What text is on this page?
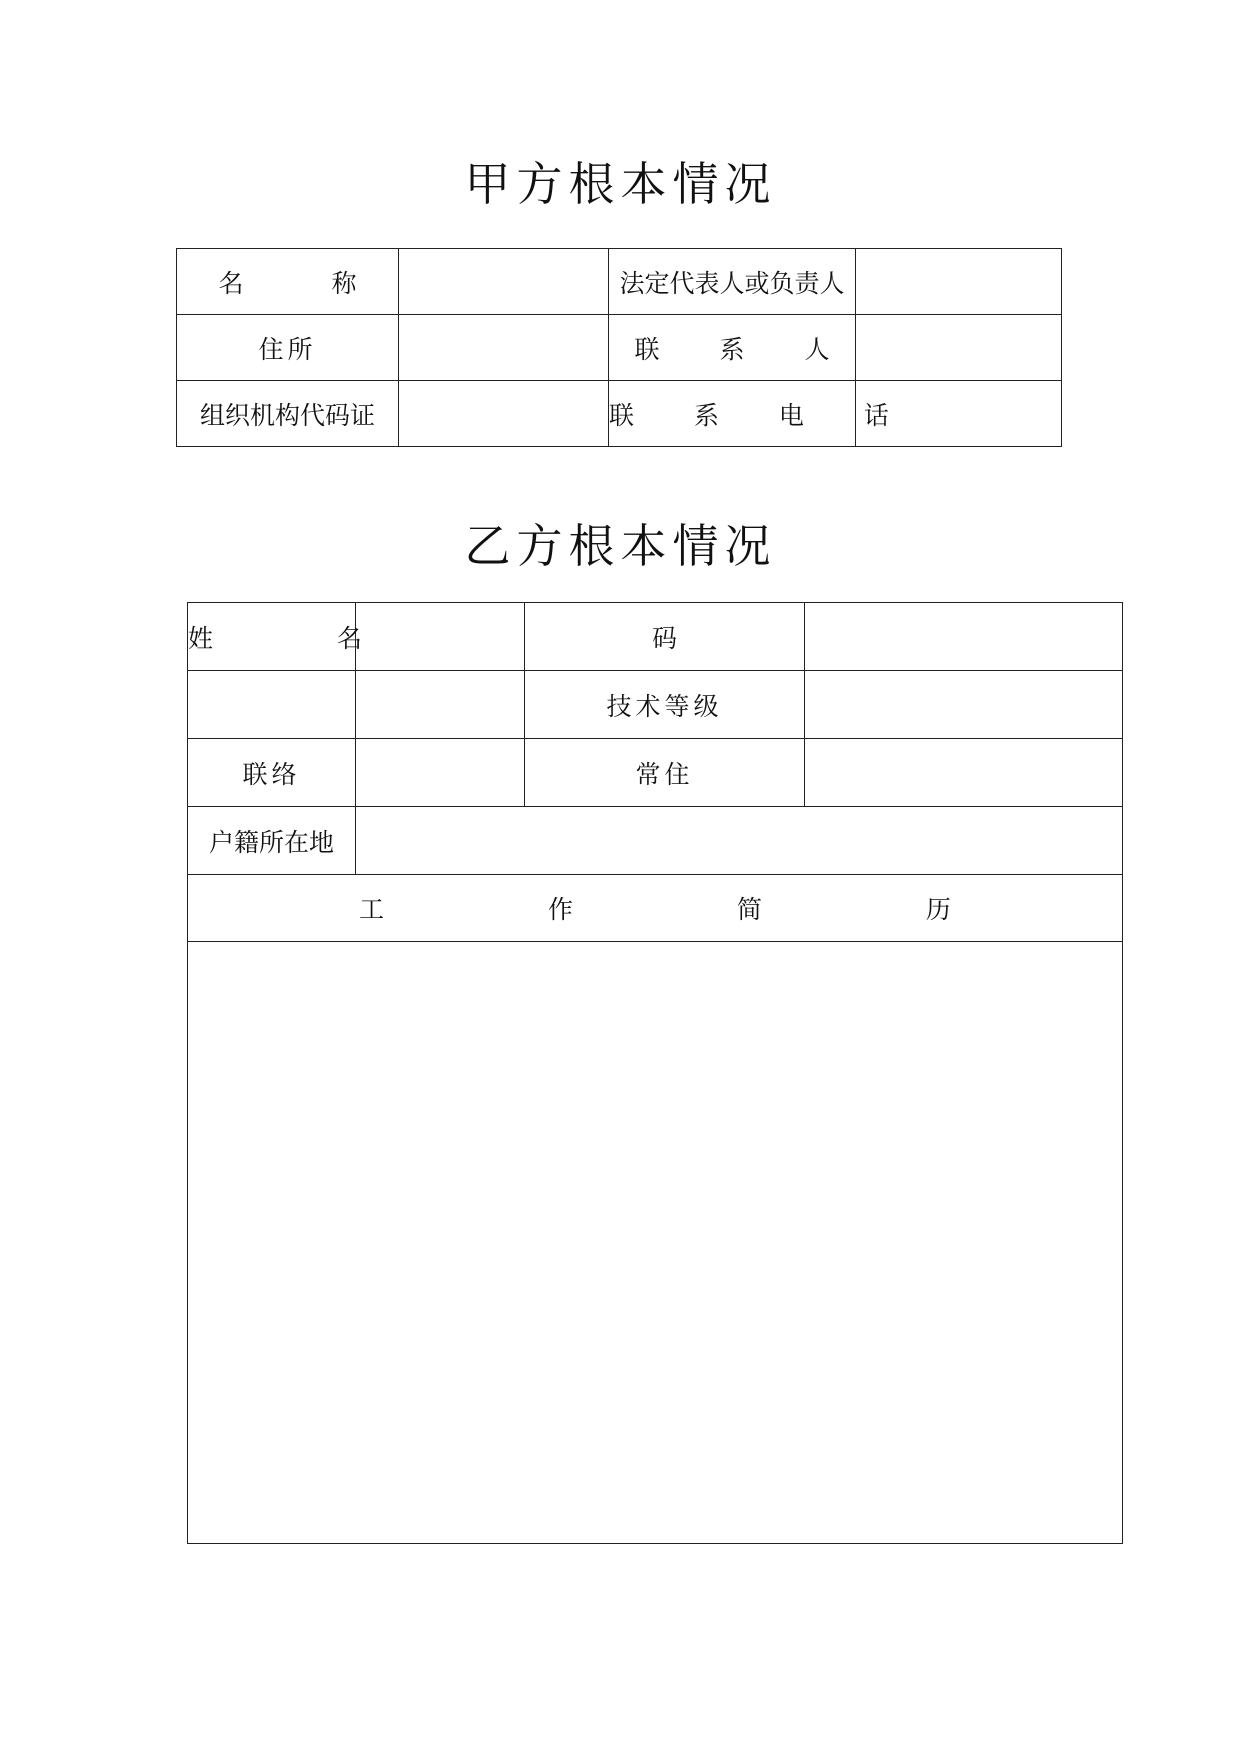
甲方根本情况
名 称		法定代表人或负责人	
住所		联 系 人	
组织机构代码证		联 系 电 话	
乙方根本情况
姓 名		码	
		技术等级	
联络		常住	
户籍所在地			
工 作 简 历			
